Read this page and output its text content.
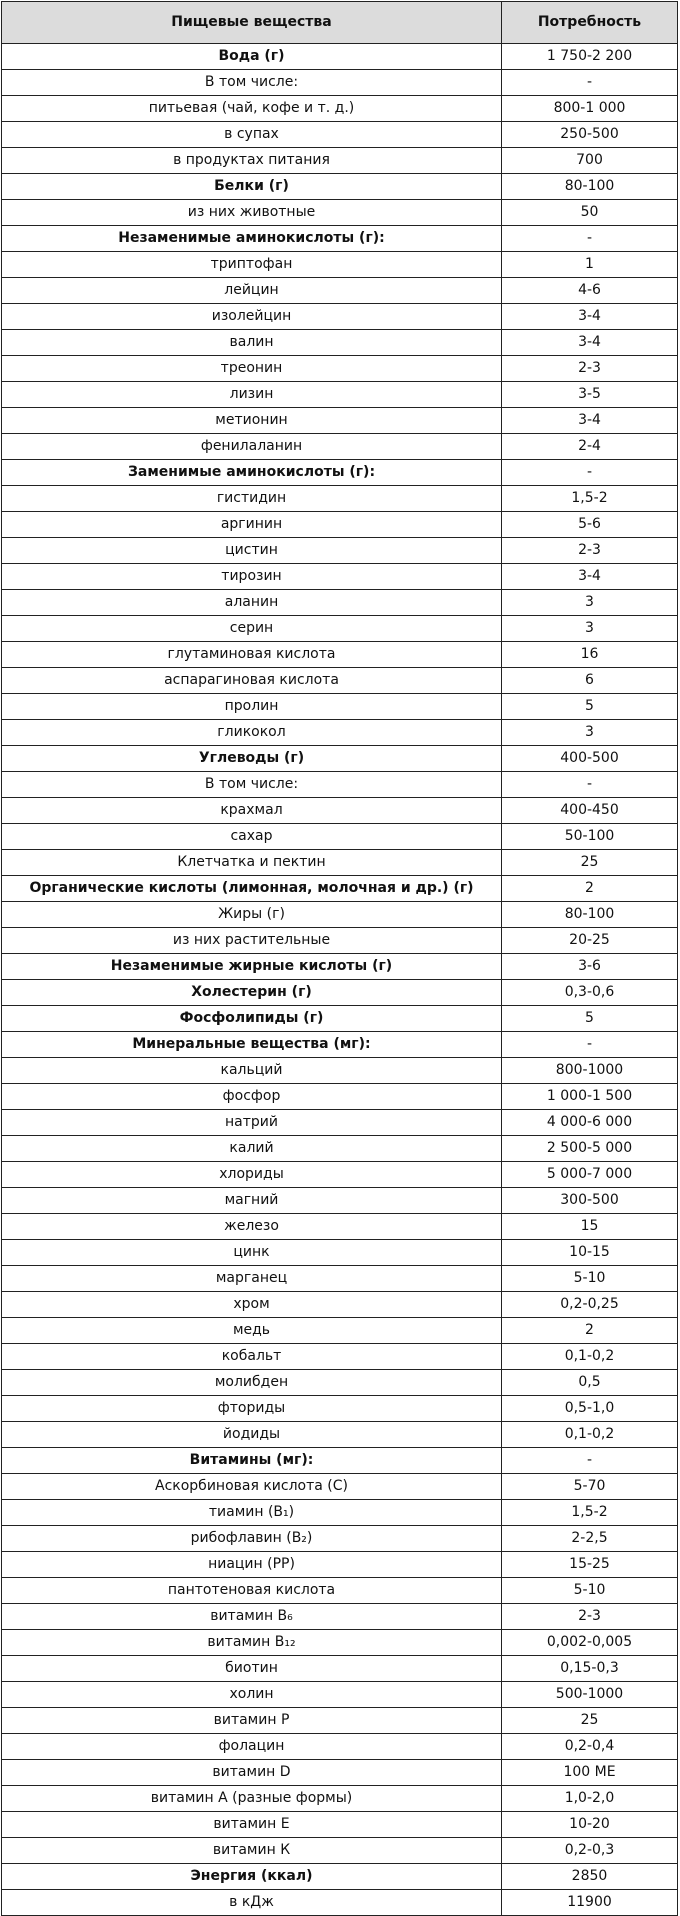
Пищевые вещества	Потребность
Вода (г)	1 750-2 200
В том числе:	-
питьевая (чай, кофе и т. д.)	800-1 000
в супах	250-500
в продуктах питания	700
Белки (г)	80-100
из них животные	50
Незаменимые аминокислоты (г):	-
триптофан	1
лейцин	4-6
изолейцин	3-4
валин	3-4
треонин	2-3
лизин	3-5
метионин	3-4
фенилаланин	2-4
Заменимые аминокислоты (г):	-
гистидин	1,5-2
аргинин	5-6
цистин	2-3
тирозин	3-4
аланин	3
серин	3
глутаминовая кислота	16
аспарагиновая кислота	6
пролин	5
гликокол	3
Углеводы (г)	400-500
В том числе:	-
крахмал	400-450
сахар	50-100
Клетчатка и пектин	25
Органические кислоты (лимонная, молочная и др.) (г)	2
Жиры (г)	80-100
из них растительные	20-25
Незаменимые жирные кислоты (г)	3-6
Холестерин (г)	0,3-0,6
Фосфолипиды (г)	5
Минеральные вещества (мг):	-
кальций	800-1000
фосфор	1 000-1 500
натрий	4 000-6 000
калий	2 500-5 000
хлориды	5 000-7 000
магний	300-500
железо	15
цинк	10-15
марганец	5-10
хром	0,2-0,25
медь	2
кобальт	0,1-0,2
молибден	0,5
фториды	0,5-1,0
йодиды	0,1-0,2
Витамины (мг):	-
Аскорбиновая кислота (С)	5-70
тиамин (В₁)	1,5-2
рибофлавин (В₂)	2-2,5
ниацин (РР)	15-25
пантотеновая кислота	5-10
витамин В₆	2-3
витамин В₁₂	0,002-0,005
биотин	0,15-0,3
холин	500-1000
витамин Р	25
фолацин	0,2-0,4
витамин D	100 МЕ
витамин А (разные формы)	1,0-2,0
витамин Е	10-20
витамин К	0,2-0,3
Энергия (ккал)	2850
в кДж	11900
